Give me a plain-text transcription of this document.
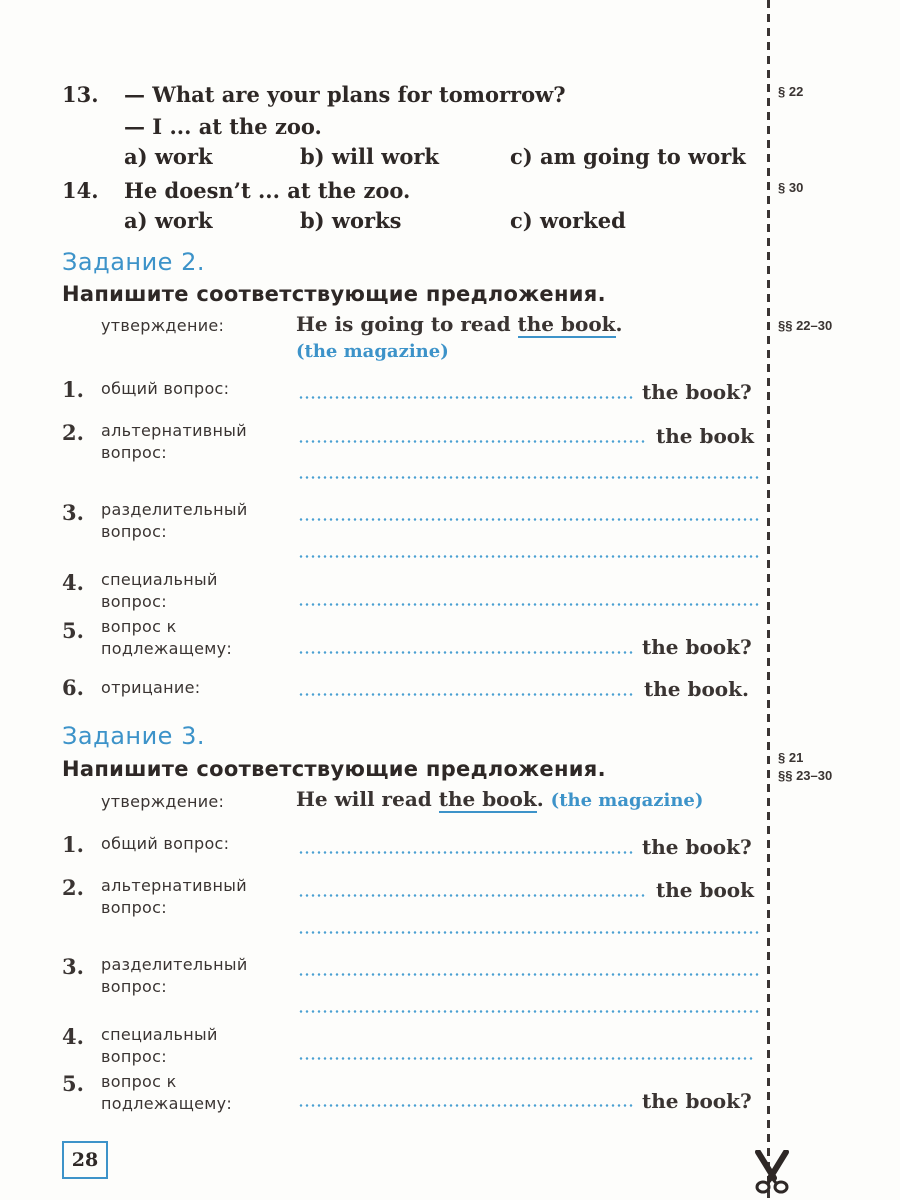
13. — What are your plans for tomorrow?
— I ... at the zoo.
a) work	b) will work	c) am going to work
§ 22
14. He doesn’t ... at the zoo.
a) work	b) works	c) worked
§ 30
Задание 2.
Напишите соответствующие предложения.
утверждение:	He is going to read the book.
(the magazine)
§§ 22–30
1. общий вопрос:	the book?
2. альтернативный
вопрос:
the book
3. разделительный
вопрос:
4. специальный
вопрос:
5. вопрос к
подлежащему:	the book?
6. отрицание:	the book.
Задание 3.
Напишите соответствующие предложения.	§ 21
§§ 23–30
утверждение:	He will read the book. (the magazine)
1. общий вопрос:	the book?
2. альтернативный
вопрос:
the book
3. разделительный
вопрос:
4. специальный
вопрос:
5. вопрос к
подлежащему:	the book?
28
